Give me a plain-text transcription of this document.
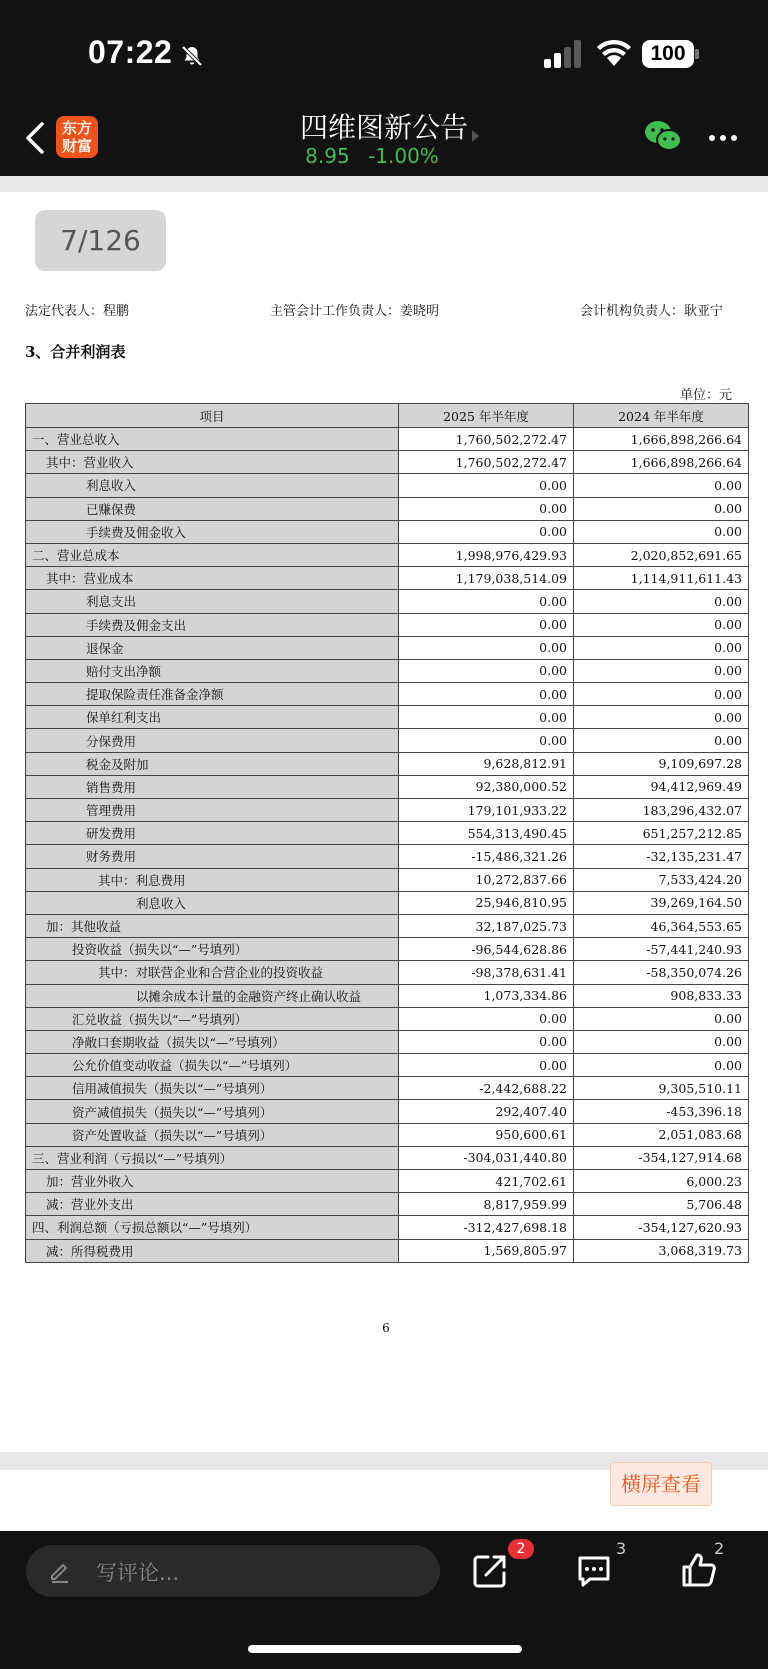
07:22	100
东方
财富
四维图新公告
8.95 -1.00%
7/126
法定代表人：程鹏	主管会计工作负责人：姜晓明	会计机构负责人：耿亚宁
3、合并利润表
单位：元
项目	2025 年半年度	2024 年半年度
一、营业总收入	1,760,502,272.47	1,666,898,266.64
其中：营业收入	1,760,502,272.47	1,666,898,266.64
利息收入	0.00	0.00
已赚保费	0.00	0.00
手续费及佣金收入	0.00	0.00
二、营业总成本	1,998,976,429.93	2,020,852,691.65
其中：营业成本	1,179,038,514.09	1,114,911,611.43
利息支出	0.00	0.00
手续费及佣金支出	0.00	0.00
退保金	0.00	0.00
赔付支出净额	0.00	0.00
提取保险责任准备金净额	0.00	0.00
保单红利支出	0.00	0.00
分保费用	0.00	0.00
税金及附加	9,628,812.91	9,109,697.28
销售费用	92,380,000.52	94,412,969.49
管理费用	179,101,933.22	183,296,432.07
研发费用	554,313,490.45	651,257,212.85
财务费用	-15,486,321.26	-32,135,231.47
其中：利息费用	10,272,837.66	7,533,424.20
利息收入	25,946,810.95	39,269,164.50
加：其他收益	32,187,025.73	46,364,553.65
投资收益（损失以“—”号填列）	-96,544,628.86	-57,441,240.93
其中：对联营企业和合营企业的投资收益	-98,378,631.41	-58,350,074.26
以摊余成本计量的金融资产终止确认收益	1,073,334.86	908,833.33
汇兑收益（损失以“—”号填列）	0.00	0.00
净敞口套期收益（损失以“—”号填列）	0.00	0.00
公允价值变动收益（损失以“—”号填列）	0.00	0.00
信用减值损失（损失以“—”号填列）	-2,442,688.22	9,305,510.11
资产减值损失（损失以“—”号填列）	292,407.40	-453,396.18
资产处置收益（损失以“—”号填列）	950,600.61	2,051,083.68
三、营业利润（亏损以“—”号填列）	-304,031,440.80	-354,127,914.68
加：营业外收入	421,702.61	6,000.23
减：营业外支出	8,817,959.99	5,706.48
四、利润总额（亏损总额以“—”号填列）	-312,427,698.18	-354,127,620.93
减：所得税费用	1,569,805.97	3,068,319.73
6
横屏查看
写评论...
2	3	2
